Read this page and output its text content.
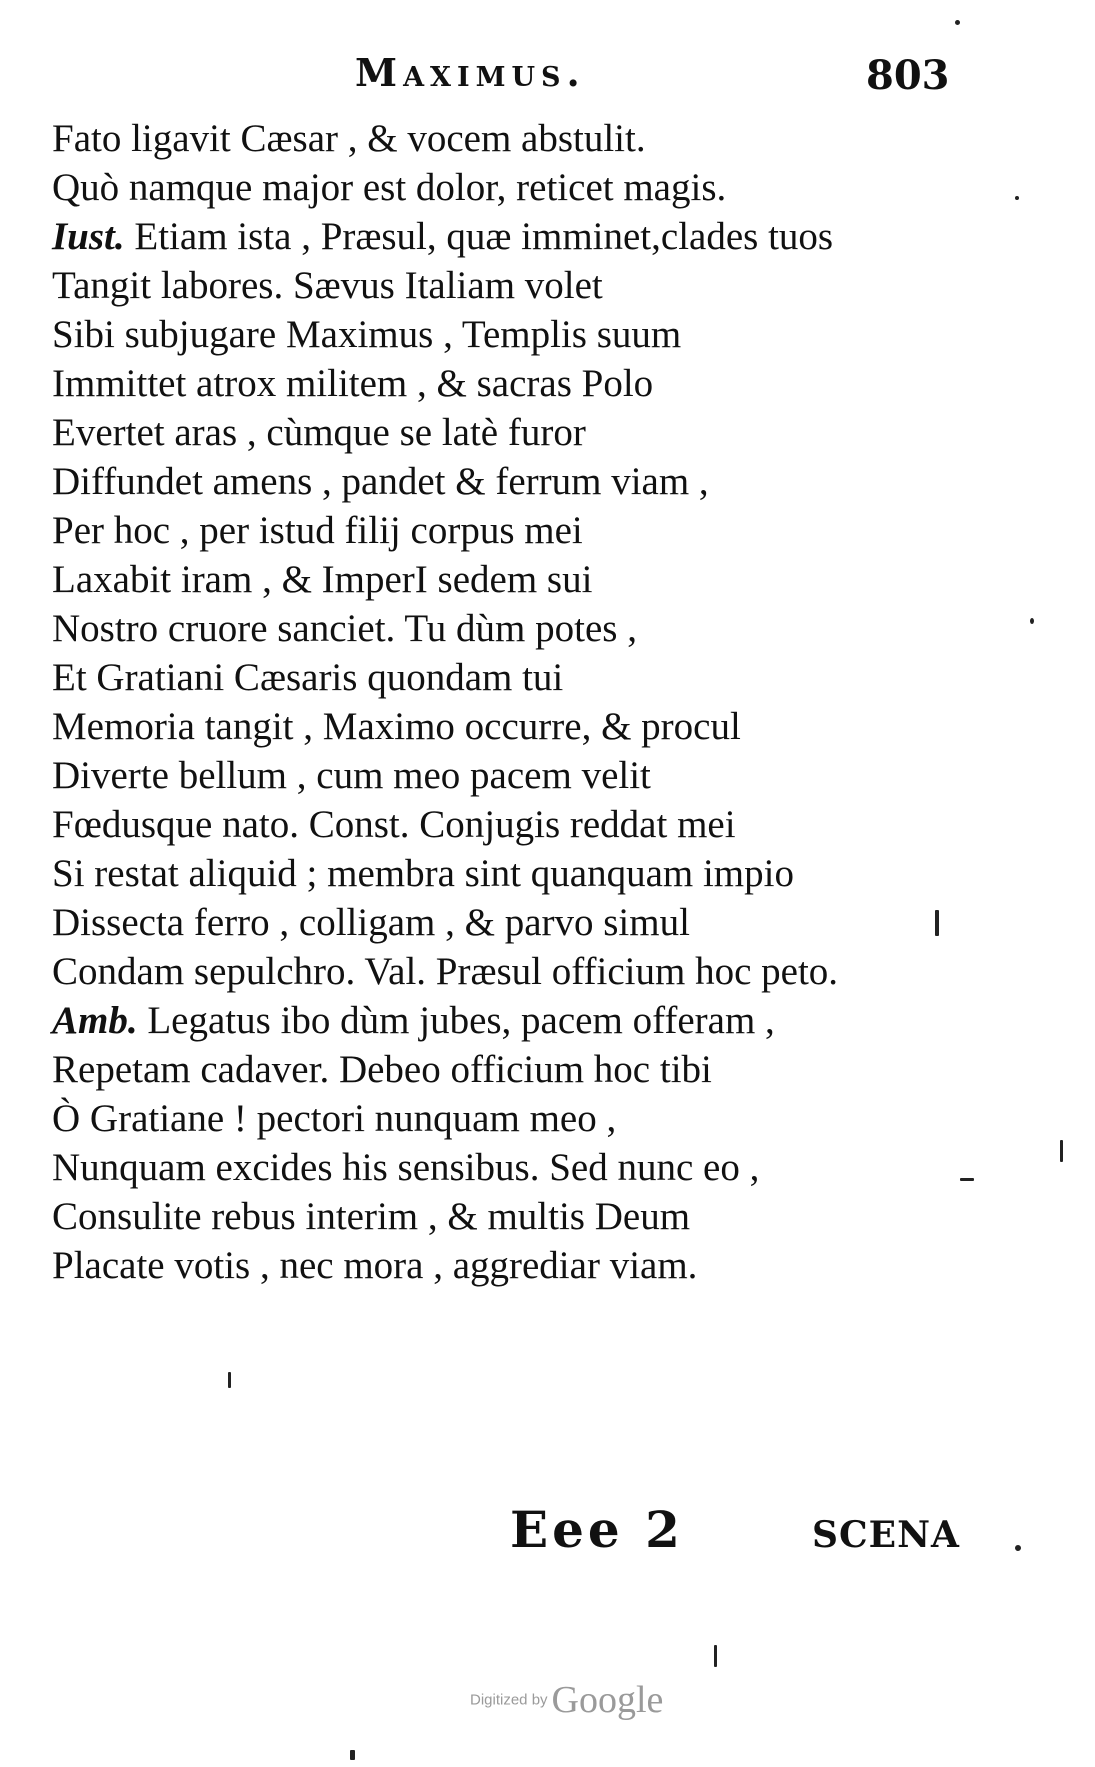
Maximus.	803
Fato ligavit Cæsar , & vocem abstulit.
Quò namque major est dolor, reticet magis.
Iust. Etiam ista , Præsul, quæ imminet,clades tuos
Tangit labores. Sævus Italiam volet
Sibi subjugare Maximus , Templis suum
Immittet atrox militem , & sacras Polo
Evertet aras , cùmque se latè furor
Diffundet amens , pandet & ferrum viam ,
Per hoc , per istud filij corpus mei
Laxabit iram , & ImperI sedem sui
Nostro cruore sanciet. Tu dùm potes ,
Et Gratiani Cæsaris quondam tui
Memoria tangit , Maximo occurre, & procul
Diverte bellum , cum meo pacem velit
Fœdusque nato. Const. Conjugis reddat mei
Si restat aliquid ; membra sint quanquam impio
Dissecta ferro , colligam , & parvo simul
Condam sepulchro. Val. Præsul officium hoc peto.
Amb. Legatus ibo dùm jubes, pacem offeram ,
Repetam cadaver. Debeo officium hoc tibi
Ò Gratiane ! pectori nunquam meo ,
Nunquam excides his sensibus. Sed nunc eo ,
Consulite rebus interim , & multis Deum
Placate votis , nec mora , aggrediar viam.
Eee 2	SCENA
Digitized by Google
